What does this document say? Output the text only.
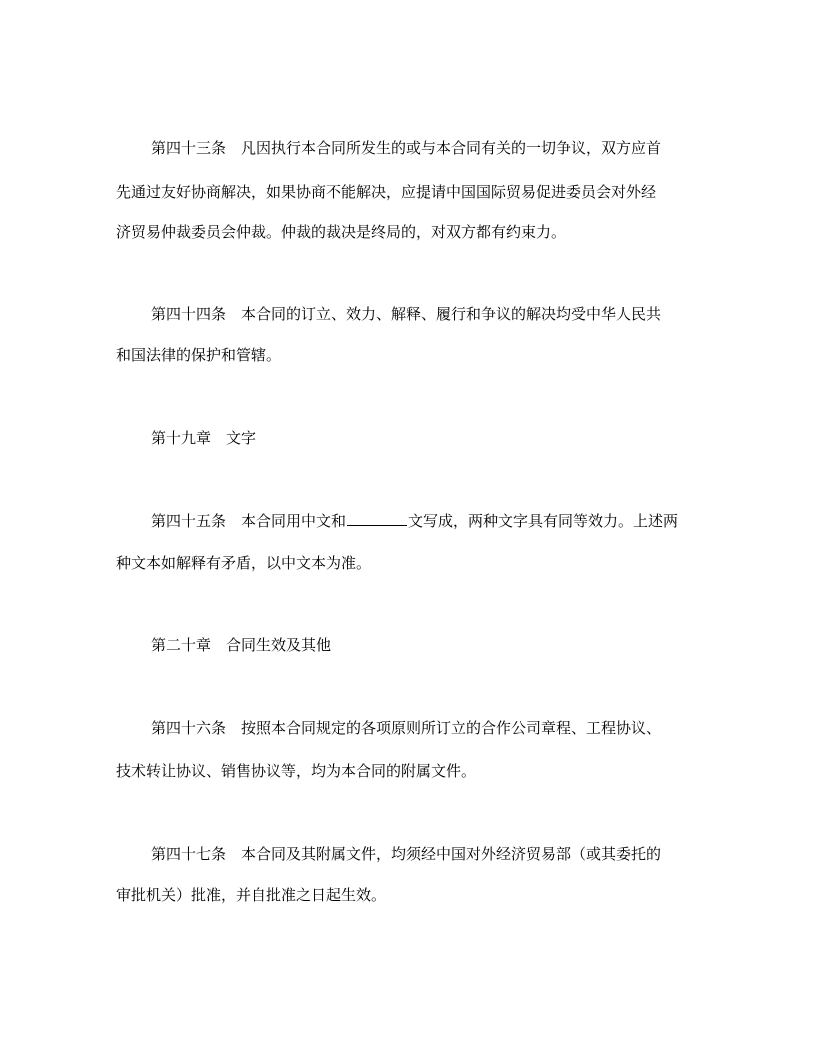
第四十三条　凡因执行本合同所发生的或与本合同有关的一切争议，双方应首
先通过友好协商解决，如果协商不能解决，应提请中国国际贸易促进委员会对外经
济贸易仲裁委员会仲裁。仲裁的裁决是终局的，对双方都有约束力。
第四十四条　本合同的订立、效力、解释、履行和争议的解决均受中华人民共
和国法律的保护和管辖。
第十九章　文字
第四十五条　本合同用中文和	文写成，两种文字具有同等效力。上述两
种文本如解释有矛盾，以中文本为准。
第二十章　合同生效及其他
第四十六条　按照本合同规定的各项原则所订立的合作公司章程、工程协议、
技术转让协议、销售协议等，均为本合同的附属文件。
第四十七条　本合同及其附属文件，均须经中国对外经济贸易部（或其委托的
审批机关）批准，并自批准之日起生效。
